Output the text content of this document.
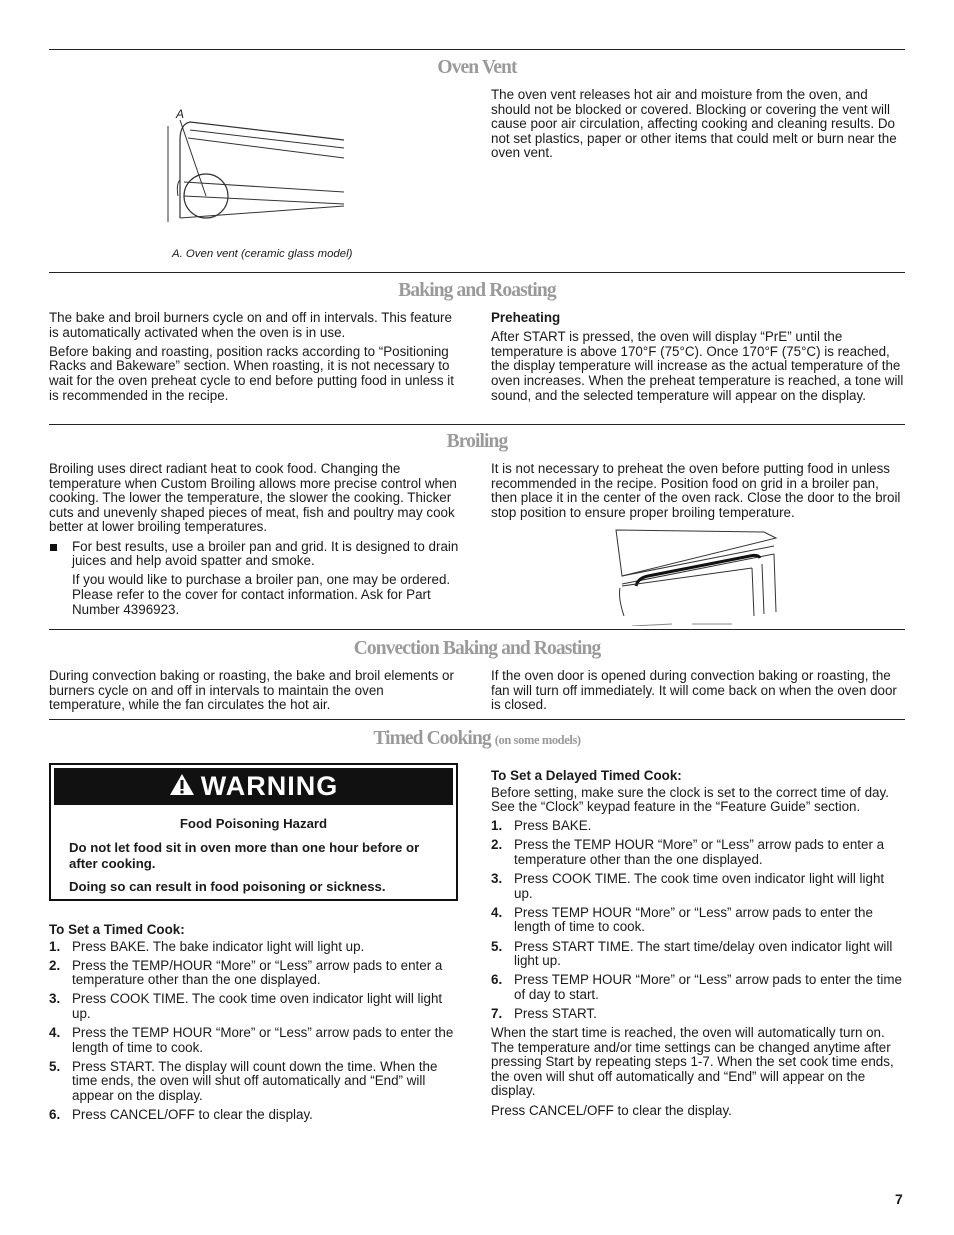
Oven Vent
A
A. Oven vent (ceramic glass model)

The oven vent releases hot air and moisture from the oven, and should not be blocked or covered. Blocking or covering the vent will cause poor air circulation, affecting cooking and cleaning results. Do not set plastics, paper or other items that could melt or burn near the oven vent.

Baking and Roasting

The bake and broil burners cycle on and off in intervals. This feature is automatically activated when the oven is in use.

Before baking and roasting, position racks according to “Positioning Racks and Bakeware” section. When roasting, it is not necessary to wait for the oven preheat cycle to end before putting food in unless it is recommended in the recipe.

Preheating

After START is pressed, the oven will display “PrE” until the temperature is above 170°F (75°C). Once 170°F (75°C) is reached, the display temperature will increase as the actual temperature of the oven increases. When the preheat temperature is reached, a tone will sound, and the selected temperature will appear on the display.

Broiling

Broiling uses direct radiant heat to cook food. Changing the temperature when Custom Broiling allows more precise control when cooking. The lower the temperature, the slower the cooking. Thicker cuts and unevenly shaped pieces of meat, fish and poultry may cook better at lower broiling temperatures.

For best results, use a broiler pan and grid. It is designed to drain juices and help avoid spatter and smoke.

If you would like to purchase a broiler pan, one may be ordered. Please refer to the cover for contact information. Ask for Part Number 4396923.

It is not necessary to preheat the oven before putting food in unless recommended in the recipe. Position food on grid in a broiler pan, then place it in the center of the oven rack. Close the door to the broil stop position to ensure proper broiling temperature.

Convection Baking and Roasting

During convection baking or roasting, the bake and broil elements or burners cycle on and off in intervals to maintain the oven temperature, while the fan circulates the hot air.

If the oven door is opened during convection baking or roasting, the fan will turn off immediately. It will come back on when the oven door is closed.

Timed Cooking (on some models)
WARNING

Food Poisoning Hazard

Do not let food sit in oven more than one hour before or after cooking.

Doing so can result in food poisoning or sickness.

To Set a Timed Cook:

1. Press BAKE. The bake indicator light will light up.
2. Press the TEMP/HOUR “More” or “Less” arrow pads to enter a temperature other than the one displayed.
3. Press COOK TIME. The cook time oven indicator light will light up.
4. Press the TEMP HOUR “More” or “Less” arrow pads to enter the length of time to cook.
5. Press START. The display will count down the time. When the time ends, the oven will shut off automatically and “End” will appear on the display.
6. Press CANCEL/OFF to clear the display.

To Set a Delayed Timed Cook:

Before setting, make sure the clock is set to the correct time of day. See the “Clock” keypad feature in the “Feature Guide” section.

1. Press BAKE.
2. Press the TEMP HOUR “More” or “Less” arrow pads to enter a temperature other than the one displayed.
3. Press COOK TIME. The cook time oven indicator light will light up.
4. Press TEMP HOUR “More” or “Less” arrow pads to enter the length of time to cook.
5. Press START TIME. The start time/delay oven indicator light will light up.
6. Press TEMP HOUR “More” or “Less” arrow pads to enter the time of day to start.
7. Press START.

When the start time is reached, the oven will automatically turn on. The temperature and/or time settings can be changed anytime after pressing Start by repeating steps 1-7. When the set cook time ends, the oven will shut off automatically and “End” will appear on the display.

Press CANCEL/OFF to clear the display.

7
